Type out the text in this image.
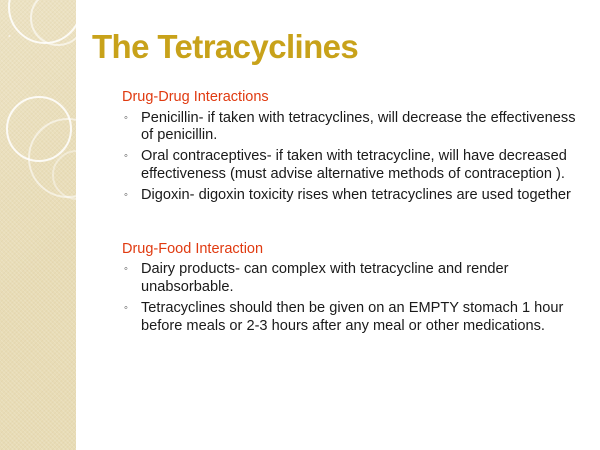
The Tetracyclines

Drug-Drug Interactions

◦ Penicillin- if taken with tetracyclines, will decrease the effectiveness of penicillin.
◦ Oral contraceptives- if taken with tetracycline, will have decreased effectiveness (must advise alternative methods of contraception ).
◦ Digoxin- digoxin toxicity rises when tetracyclines are used together

Drug-Food Interaction

◦ Dairy products- can complex with tetracycline and render unabsorbable.
◦ Tetracyclines should then be given on an EMPTY stomach 1 hour before meals or 2-3 hours after any meal or other medications.
